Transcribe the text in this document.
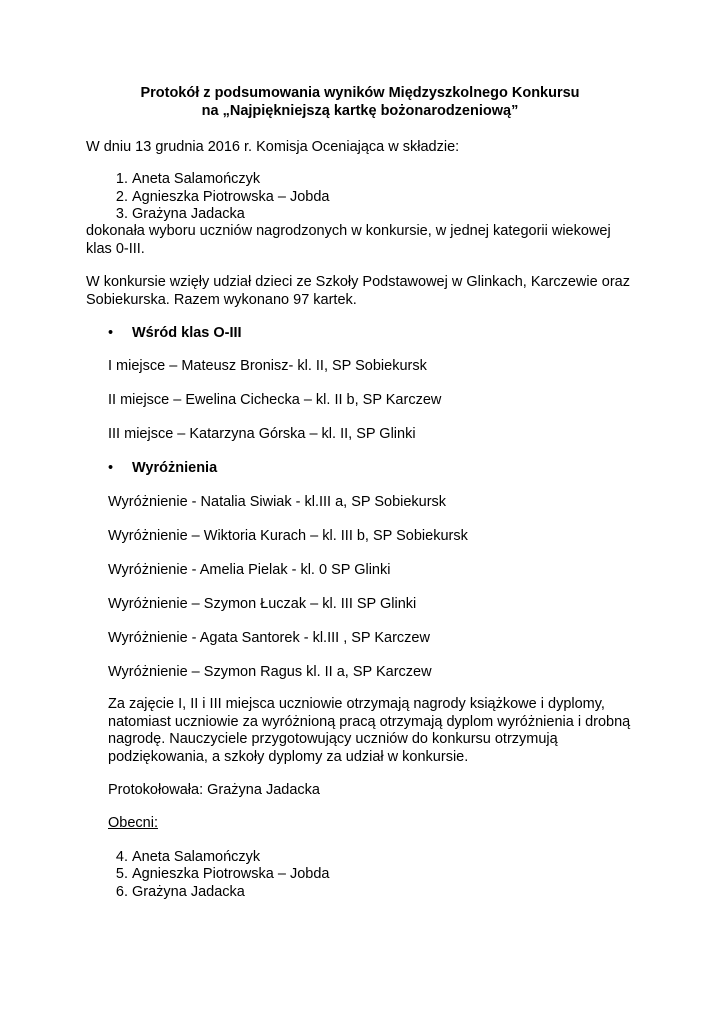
Protokół z podsumowania wyników Międzyszkolnego Konkursu
na „Najpiękniejszą kartkę bożonarodzeniową”
W dniu 13 grudnia 2016 r. Komisja Oceniająca w składzie:
1. Aneta Salamończyk
2. Agnieszka Piotrowska – Jobda
3. Grażyna Jadacka
dokonała wyboru uczniów nagrodzonych w konkursie, w jednej kategorii wiekowej
klas 0-III.
W konkursie wzięły udział dzieci ze Szkoły Podstawowej w Glinkach, Karczewie oraz
Sobiekurska. Razem wykonano 97 kartek.
• Wśród klas O-III
I miejsce – Mateusz Bronisz- kl. II, SP Sobiekursk
II miejsce – Ewelina Cichecka – kl. II b, SP Karczew
III miejsce – Katarzyna Górska – kl. II, SP Glinki
• Wyróżnienia
Wyróżnienie - Natalia Siwiak - kl.III a, SP Sobiekursk
Wyróżnienie – Wiktoria Kurach – kl. III b, SP Sobiekursk
Wyróżnienie - Amelia Pielak - kl. 0 SP Glinki
Wyróżnienie – Szymon Łuczak – kl. III SP Glinki
Wyróżnienie - Agata Santorek - kl.III , SP Karczew
Wyróżnienie – Szymon Ragus kl. II a, SP Karczew
Za zajęcie I, II i III miejsca uczniowie otrzymają nagrody książkowe i dyplomy,
natomiast uczniowie za wyróżnioną pracą otrzymają dyplom wyróżnienia i drobną
nagrodę. Nauczyciele przygotowujący uczniów do konkursu otrzymują
podziękowania, a szkoły dyplomy za udział w konkursie.
Protokołowała: Grażyna Jadacka
Obecni:
4. Aneta Salamończyk
5. Agnieszka Piotrowska – Jobda
6. Grażyna Jadacka
